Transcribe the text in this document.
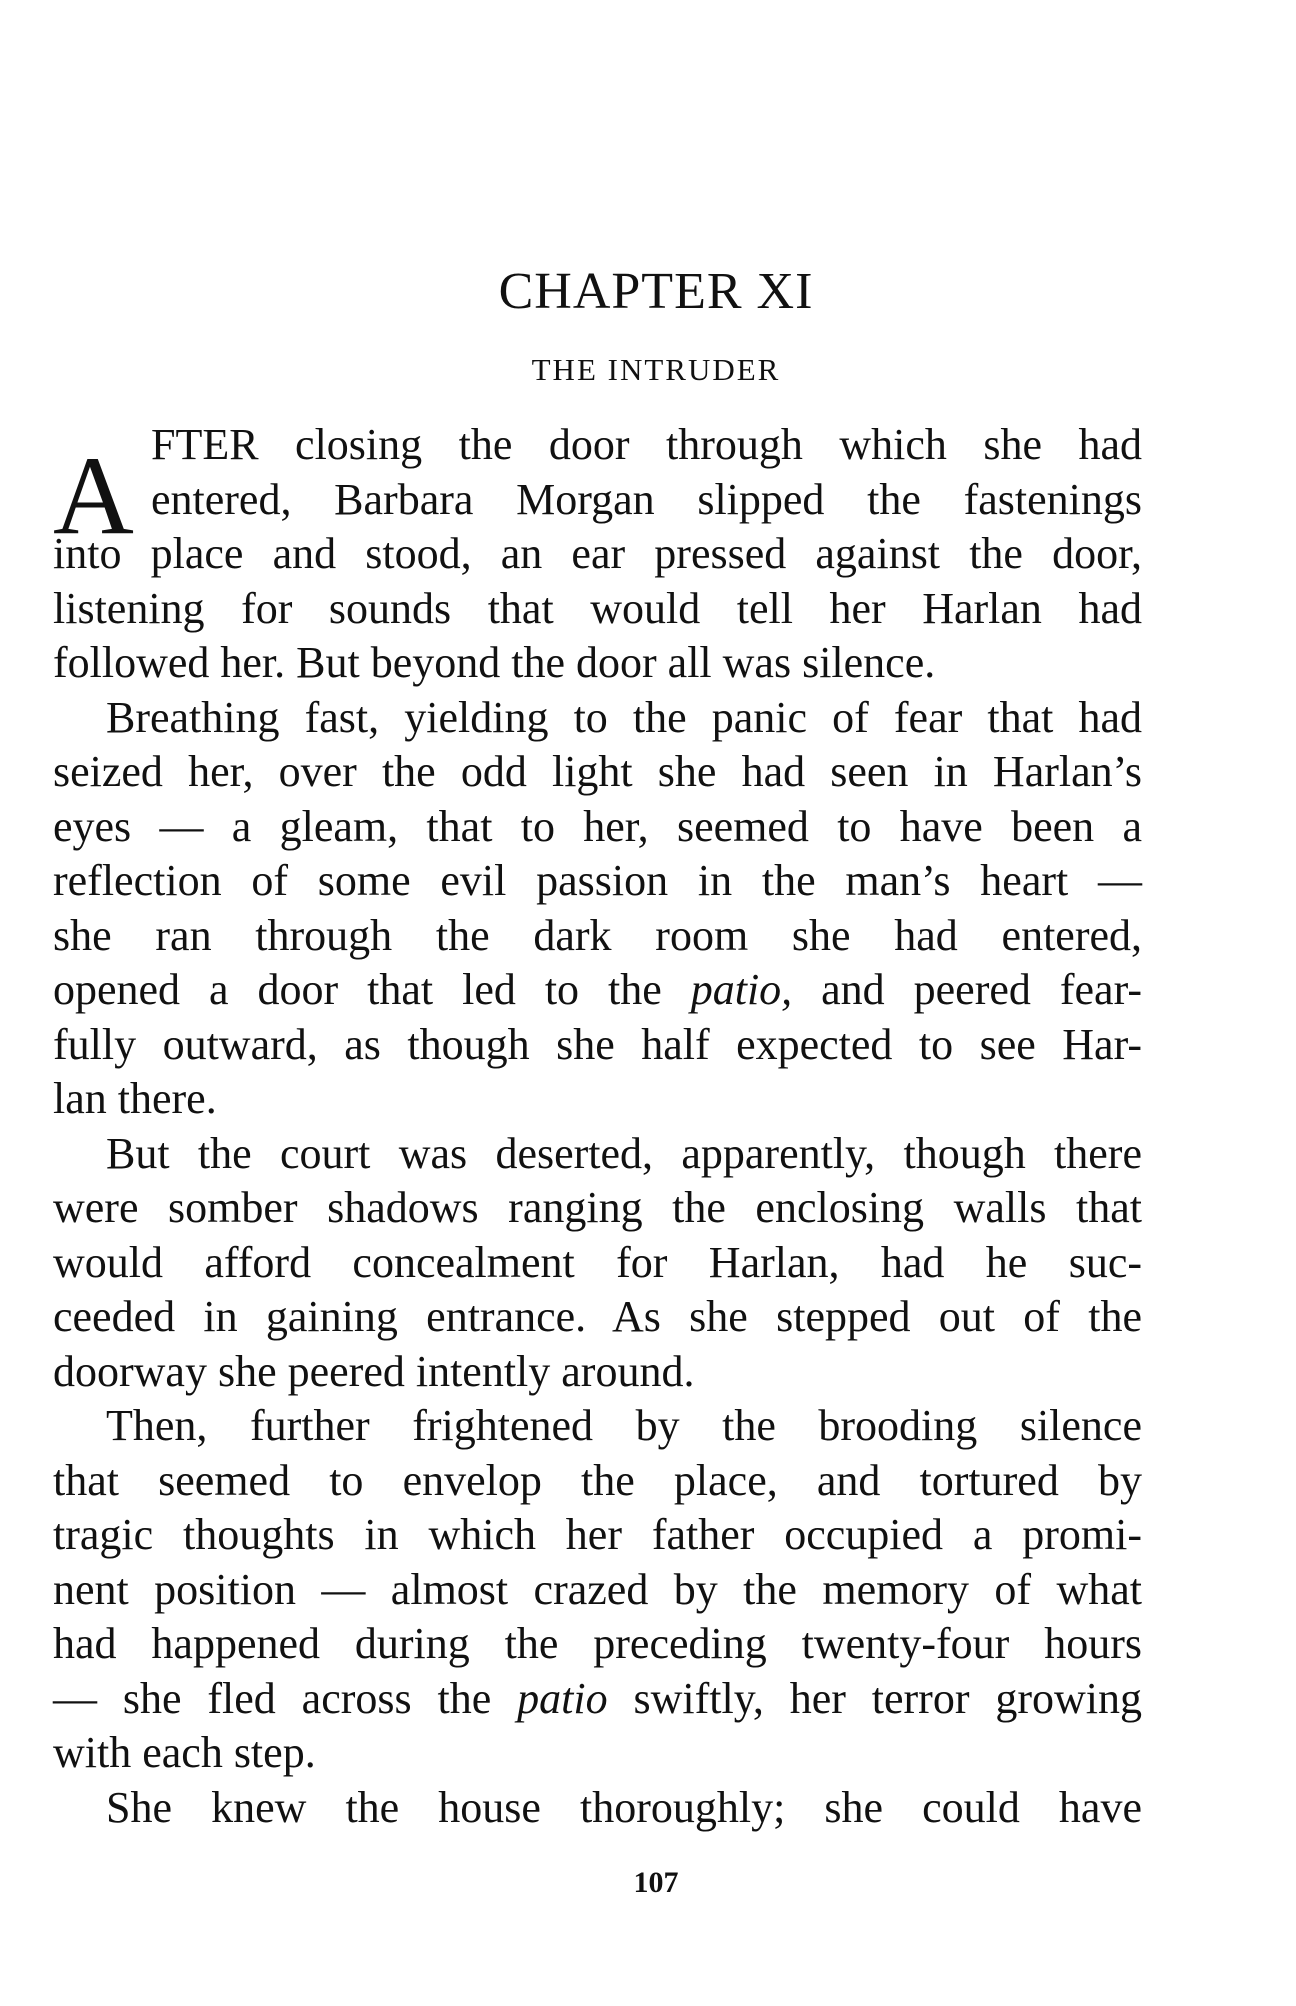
CHAPTER XI
THE INTRUDER
A FTER closing the door through which she had
entered, Barbara Morgan slipped the fastenings
into place and stood, an ear pressed against the door,
listening for sounds that would tell her Harlan had
followed her. But beyond the door all was silence.
Breathing fast, yielding to the panic of fear that had
seized her, over the odd light she had seen in Harlan’s
eyes — a gleam, that to her, seemed to have been a
reflection of some evil passion in the man’s heart —
she ran through the dark room she had entered,
opened a door that led to the patio, and peered fear-
fully outward, as though she half expected to see Har-
lan there.
But the court was deserted, apparently, though there
were somber shadows ranging the enclosing walls that
would afford concealment for Harlan, had he suc-
ceeded in gaining entrance. As she stepped out of the
doorway she peered intently around.
Then, further frightened by the brooding silence
that seemed to envelop the place, and tortured by
tragic thoughts in which her father occupied a promi-
nent position — almost crazed by the memory of what
had happened during the preceding twenty-four hours
— she fled across the patio swiftly, her terror growing
with each step.
She knew the house thoroughly; she could have
107
